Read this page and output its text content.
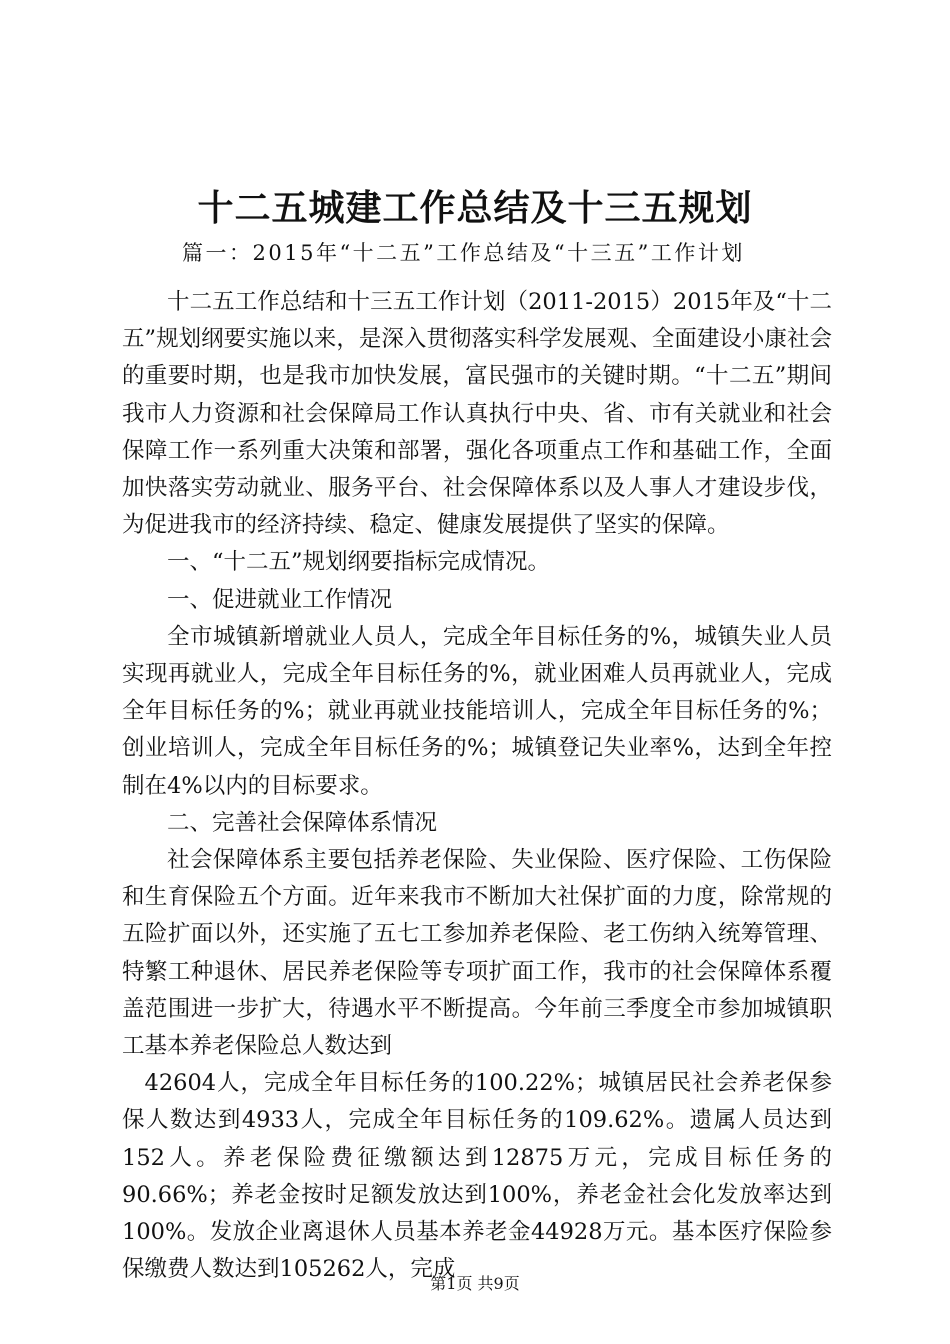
十二五城建工作总结及十三五规划
篇一：2015年“十二五”工作总结及“十三五”工作计划

十二五工作总结和十三五工作计划（2011-2015）2015年及“十二五”规划纲要实施以来，是深入贯彻落实科学发展观、全面建设小康社会的重要时期，也是我市加快发展，富民强市的关键时期。“十二五”期间我市人力资源和社会保障局工作认真执行中央、省、市有关就业和社会保障工作一系列重大决策和部署，强化各项重点工作和基础工作，全面加快落实劳动就业、服务平台、社会保障体系以及人事人才建设步伐，为促进我市的经济持续、稳定、健康发展提供了坚实的保障。

一、“十二五”规划纲要指标完成情况。

一、促进就业工作情况

全市城镇新增就业人员人，完成全年目标任务的%，城镇失业人员实现再就业人，完成全年目标任务的%，就业困难人员再就业人，完成全年目标任务的%；就业再就业技能培训人，完成全年目标任务的%；创业培训人，完成全年目标任务的%；城镇登记失业率%，达到全年控制在4%以内的目标要求。

二、完善社会保障体系情况

社会保障体系主要包括养老保险、失业保险、医疗保险、工伤保险和生育保险五个方面。近年来我市不断加大社保扩面的力度，除常规的五险扩面以外，还实施了五七工参加养老保险、老工伤纳入统筹管理、特繁工种退休、居民养老保险等专项扩面工作，我市的社会保障体系覆盖范围进一步扩大，待遇水平不断提高。今年前三季度全市参加城镇职工基本养老保险总人数达到

42604人，完成全年目标任务的100.22%；城镇居民社会养老保参保人数达到4933人，完成全年目标任务的109.62%。遗属人员达到152人。养老保险费征缴额达到12875万元，完成目标任务的90.66%；养老金按时足额发放达到100%，养老金社会化发放率达到100%。发放企业离退休人员基本养老金44928万元。基本医疗保险参保缴费人数达到105262人，完成

第1页 共9页
